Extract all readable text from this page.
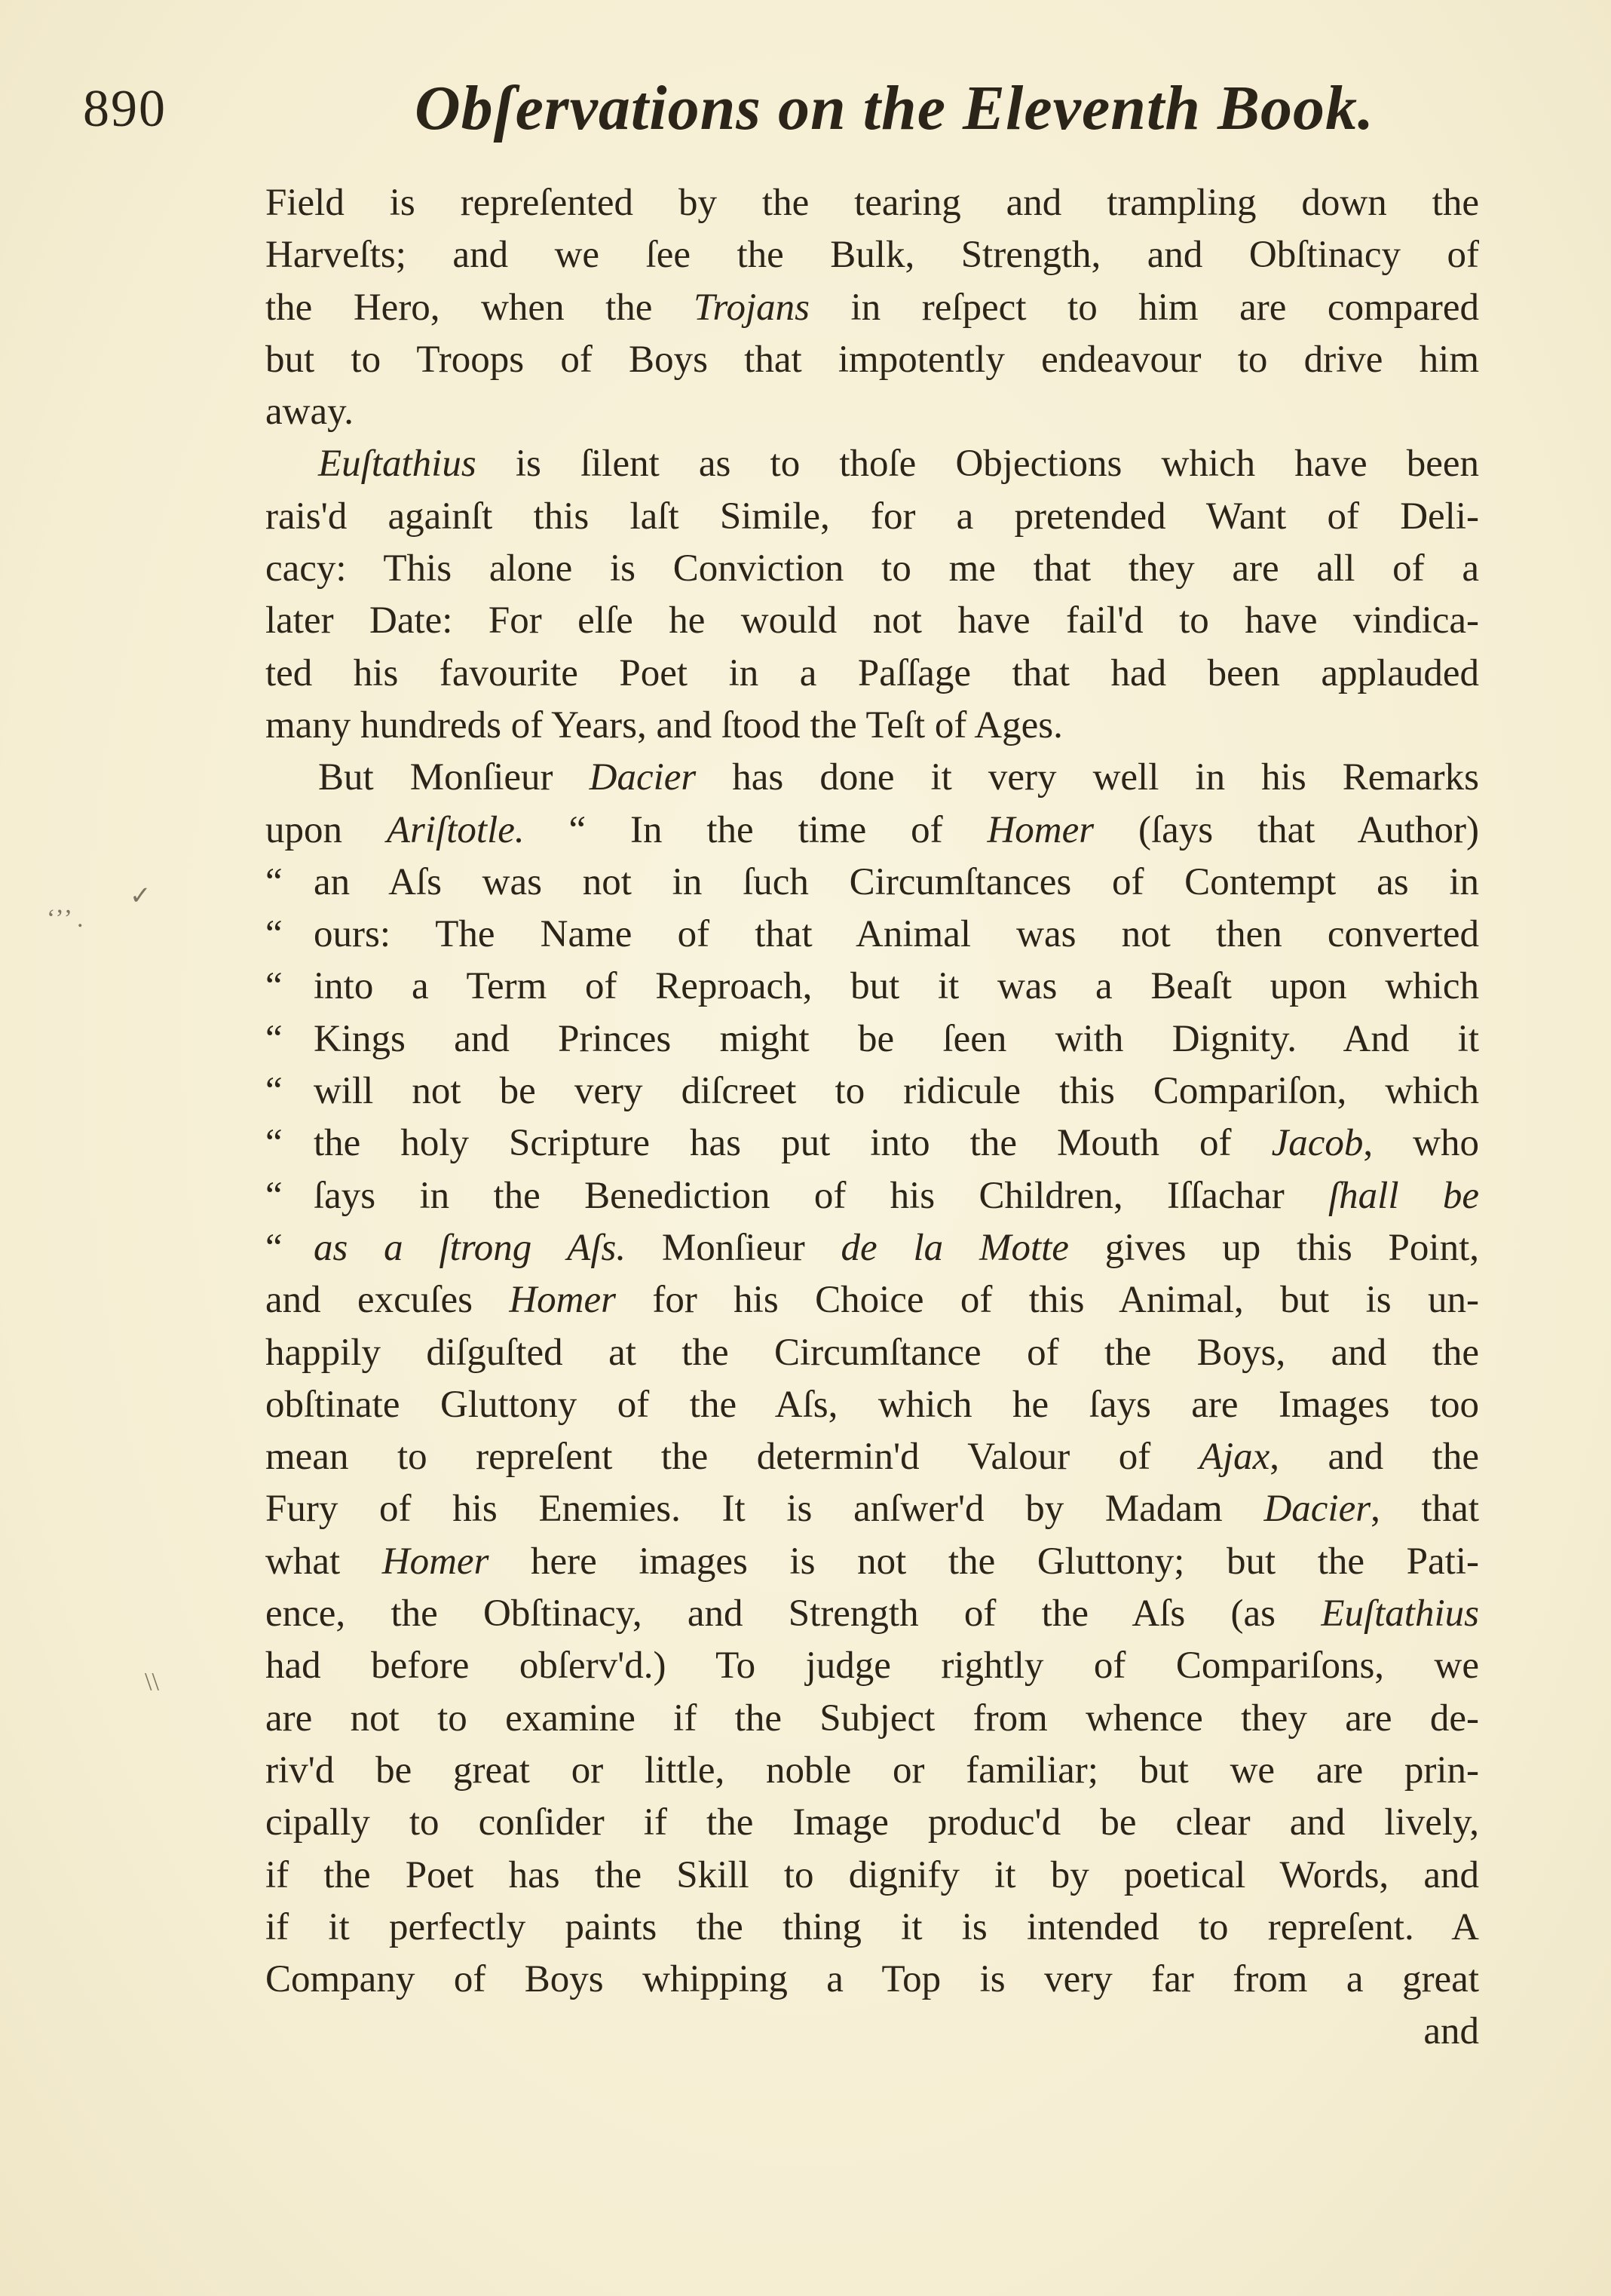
890	Obſervations on the Eleventh Book.
‘ʼ’ .
✓
\\
Field is repreſented by the tearing and trampling down the
Harveſts; and we ſee the Bulk, Strength, and Obſtinacy of
the Hero, when the Trojans in reſpect to him are compared
but to Troops of Boys that impotently endeavour to drive him
away.
Euſtathius is ſilent as to thoſe Objections which have been
rais'd againſt this laſt Simile, for a pretended Want of Deli-
cacy: This alone is Conviction to me that they are all of a
later Date: For elſe he would not have fail'd to have vindica-
ted his favourite Poet in a Paſſage that had been applauded
many hundreds of Years, and ſtood the Teſt of Ages.
But Monſieur Dacier has done it very well in his Remarks
upon Ariſtotle. “ In the time of Homer (ſays that Author)
“ an Aſs was not in ſuch Circumſtances of Contempt as in
“ ours: The Name of that Animal was not then converted
“ into a Term of Reproach, but it was a Beaſt upon which
“ Kings and Princes might be ſeen with Dignity. And it
“ will not be very diſcreet to ridicule this Compariſon, which
“ the holy Scripture has put into the Mouth of Jacob, who
“ ſays in the Benediction of his Children, Iſſachar ſhall be
“ as a ſtrong Aſs. Monſieur de la Motte gives up this Point,
and excuſes Homer for his Choice of this Animal, but is un-
happily diſguſted at the Circumſtance of the Boys, and the
obſtinate Gluttony of the Aſs, which he ſays are Images too
mean to repreſent the determin'd Valour of Ajax, and the
Fury of his Enemies. It is anſwer'd by Madam Dacier, that
what Homer here images is not the Gluttony; but the Pati-
ence, the Obſtinacy, and Strength of the Aſs (as Euſtathius
had before obſerv'd.) To judge rightly of Compariſons, we
are not to examine if the Subject from whence they are de-
riv'd be great or little, noble or familiar; but we are prin-
cipally to conſider if the Image produc'd be clear and lively,
if the Poet has the Skill to dignify it by poetical Words, and
if it perfectly paints the thing it is intended to repreſent. A
Company of Boys whipping a Top is very far from a great
and
